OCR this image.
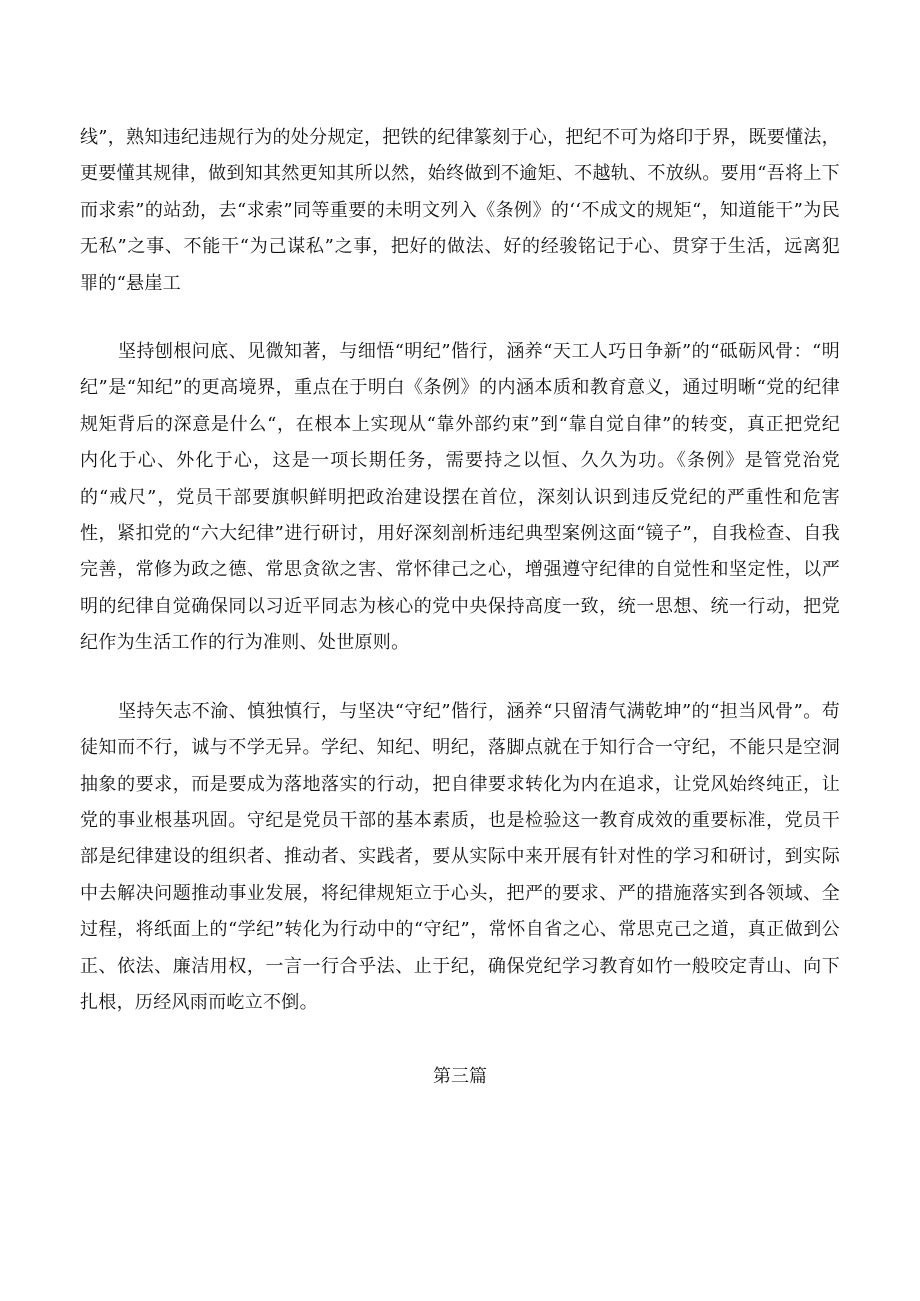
线”，熟知违纪违规行为的处分规定，把铁的纪律篆刻于心，把纪不可为烙印于界，既要懂法，更要懂其规律，做到知其然更知其所以然，始终做到不逾矩、不越轨、不放纵。要用“吾将上下而求索”的站劲，去“求索”同等重要的未明文列入《条例》的‘‘不成文的规矩“，知道能干”为民无私”之事、不能干“为己谋私”之事，把好的做法、好的经骏铭记于心、贯穿于生活，远离犯罪的“悬崖工

坚持刨根问底、见微知著，与细悟“明纪”偕行，涵养“天工人巧日争新”的“砥砺风骨：“明纪”是“知纪”的更高境界，重点在于明白《条例》的内涵本质和教育意义，通过明晰“党的纪律规矩背后的深意是什么“，在根本上实现从“靠外部约束”到“靠自觉自律”的转变，真正把党纪内化于心、外化于心，这是一项长期任务，需要持之以恒、久久为功。《条例》是管党治党的“戒尺”，党员干部要旗帜鲜明把政治建设摆在首位，深刻认识到违反党纪的严重性和危害性，紧扣党的“六大纪律”进行研讨，用好深刻剖析违纪典型案例这面“镜子”，自我检查、自我完善，常修为政之德、常思贪欲之害、常怀律己之心，增强遵守纪律的自觉性和坚定性，以严明的纪律自觉确保同以习近平同志为核心的党中央保持高度一致，统一思想、统一行动，把党纪作为生活工作的行为准则、处世原则。

坚持矢志不渝、慎独慎行，与坚决“守纪”偕行，涵养“只留清气满乾坤”的“担当风骨”。苟徒知而不行，诚与不学无异。学纪、知纪、明纪，落脚点就在于知行合一守纪，不能只是空洞抽象的要求，而是要成为落地落实的行动，把自律要求转化为内在追求，让党风始终纯正，让党的事业根基巩固。守纪是党员干部的基本素质，也是检验这一教育成效的重要标准，党员干部是纪律建设的组织者、推动者、实践者，要从实际中来开展有针对性的学习和研讨，到实际中去解决问题推动事业发展，将纪律规矩立于心头，把严的要求、严的措施落实到各领域、全过程，将纸面上的“学纪”转化为行动中的“守纪”，常怀自省之心、常思克己之道，真正做到公正、依法、廉洁用权，一言一行合乎法、止于纪，确保党纪学习教育如竹一般咬定青山、向下扎根，历经风雨而屹立不倒。

第三篇
